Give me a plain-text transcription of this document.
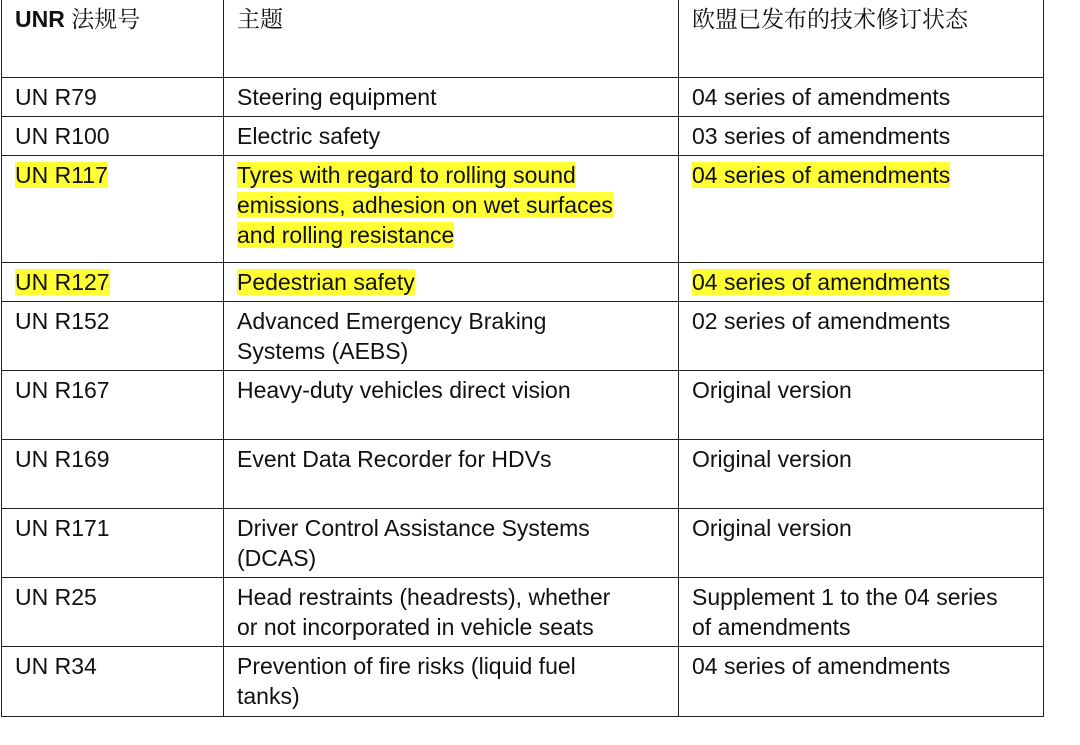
UNR 法规号	主题	欧盟已发布的技术修订状态
UN R79	Steering equipment	04 series of amendments
UN R100	Electric safety	03 series of amendments
UN R117	Tyres with regard to rolling sound
emissions, adhesion on wet surfaces
and rolling resistance	04 series of amendments
UN R127	Pedestrian safety	04 series of amendments
UN R152	Advanced Emergency Braking
Systems (AEBS)	02 series of amendments
UN R167	Heavy-duty vehicles direct vision	Original version
UN R169	Event Data Recorder for HDVs	Original version
UN R171	Driver Control Assistance Systems
(DCAS)	Original version
UN R25	Head restraints (headrests), whether
or not incorporated in vehicle seats	Supplement 1 to the 04 series
of amendments
UN R34	Prevention of fire risks (liquid fuel
tanks)	04 series of amendments
